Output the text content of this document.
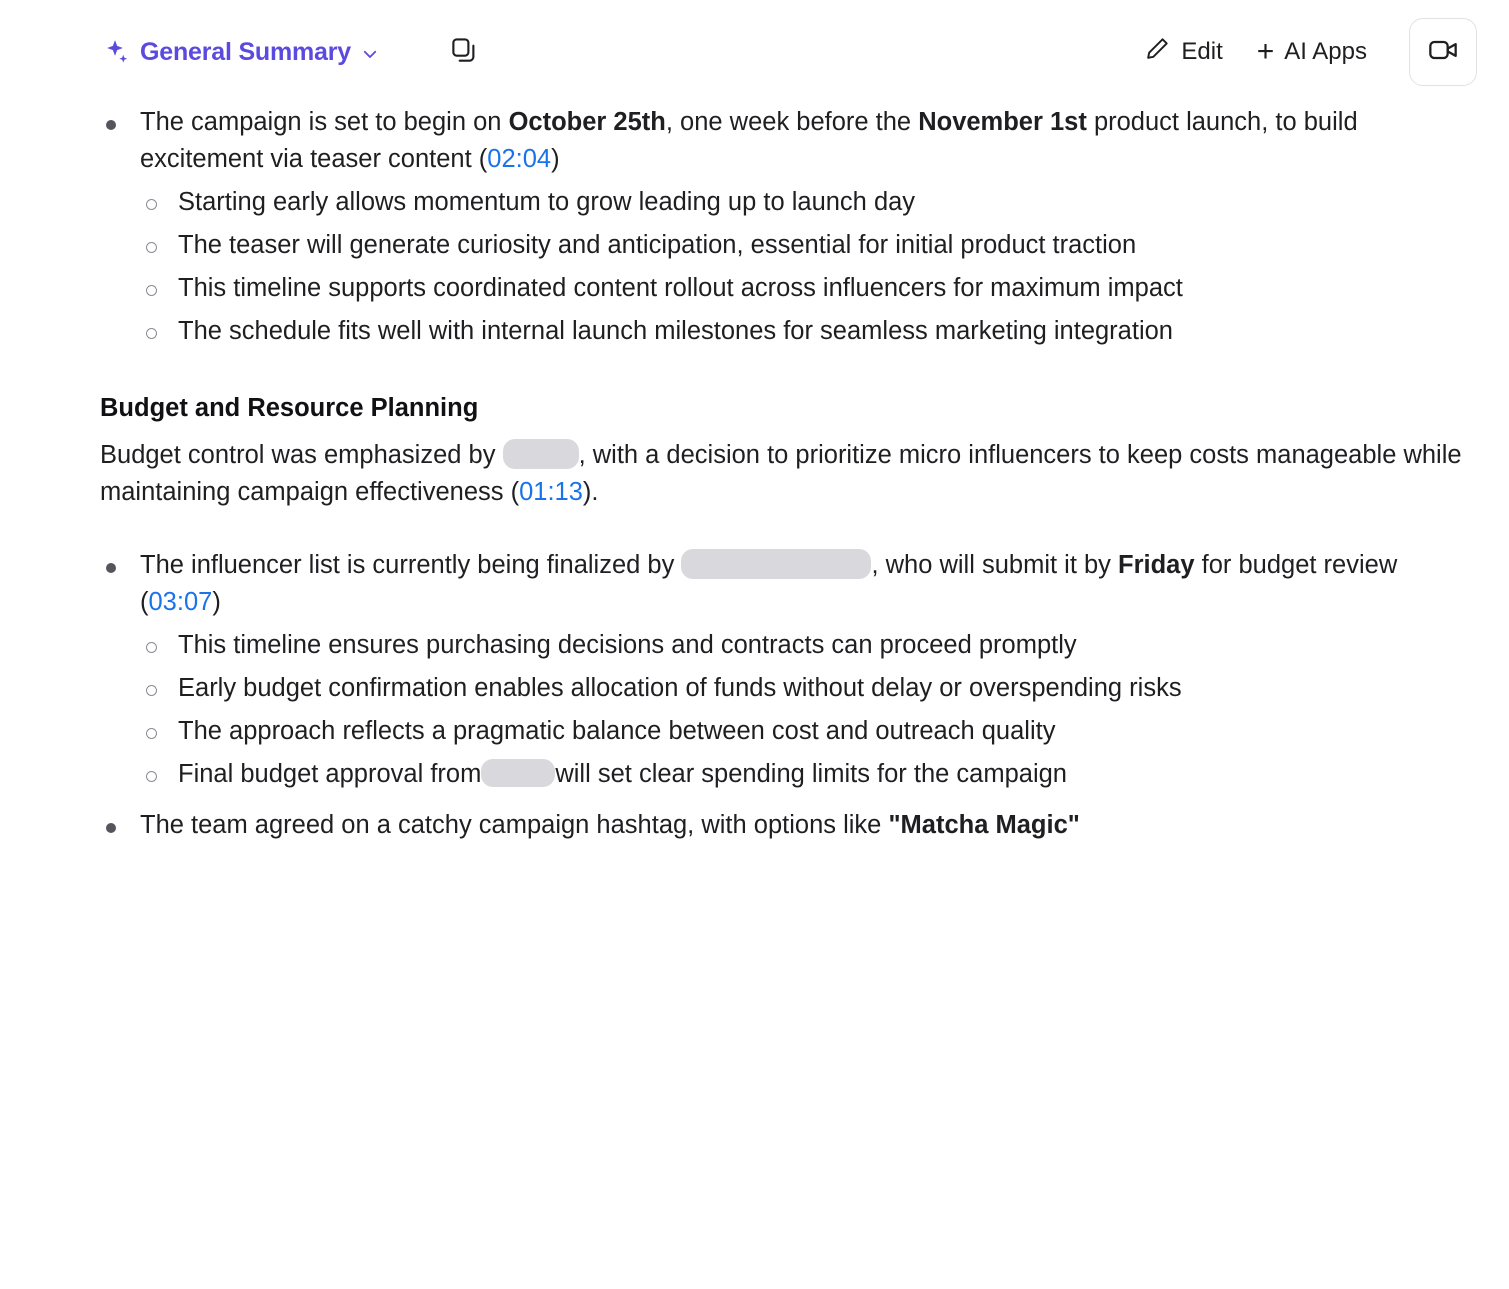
General Summary	Edit + AI Apps
The campaign is set to begin on October 25th, one week before the November 1st product launch, to build excitement via teaser content (02:04)
Starting early allows momentum to grow leading up to launch day
The teaser will generate curiosity and anticipation, essential for initial product traction
This timeline supports coordinated content rollout across influencers for maximum impact
The schedule fits well with internal launch milestones for seamless marketing integration
Budget and Resource Planning
Budget control was emphasized by	, with a decision to prioritize micro influencers to keep costs manageable while maintaining campaign effectiveness (01:13).
The influencer list is currently being finalized by	, who will submit it by Friday for budget review (03:07)
This timeline ensures purchasing decisions and contracts can proceed promptly
Early budget confirmation enables allocation of funds without delay or overspending risks
The approach reflects a pragmatic balance between cost and outreach quality
Final budget approval from	will set clear spending limits for the campaign
The team agreed on a catchy campaign hashtag, with options like "Matcha Magic"
